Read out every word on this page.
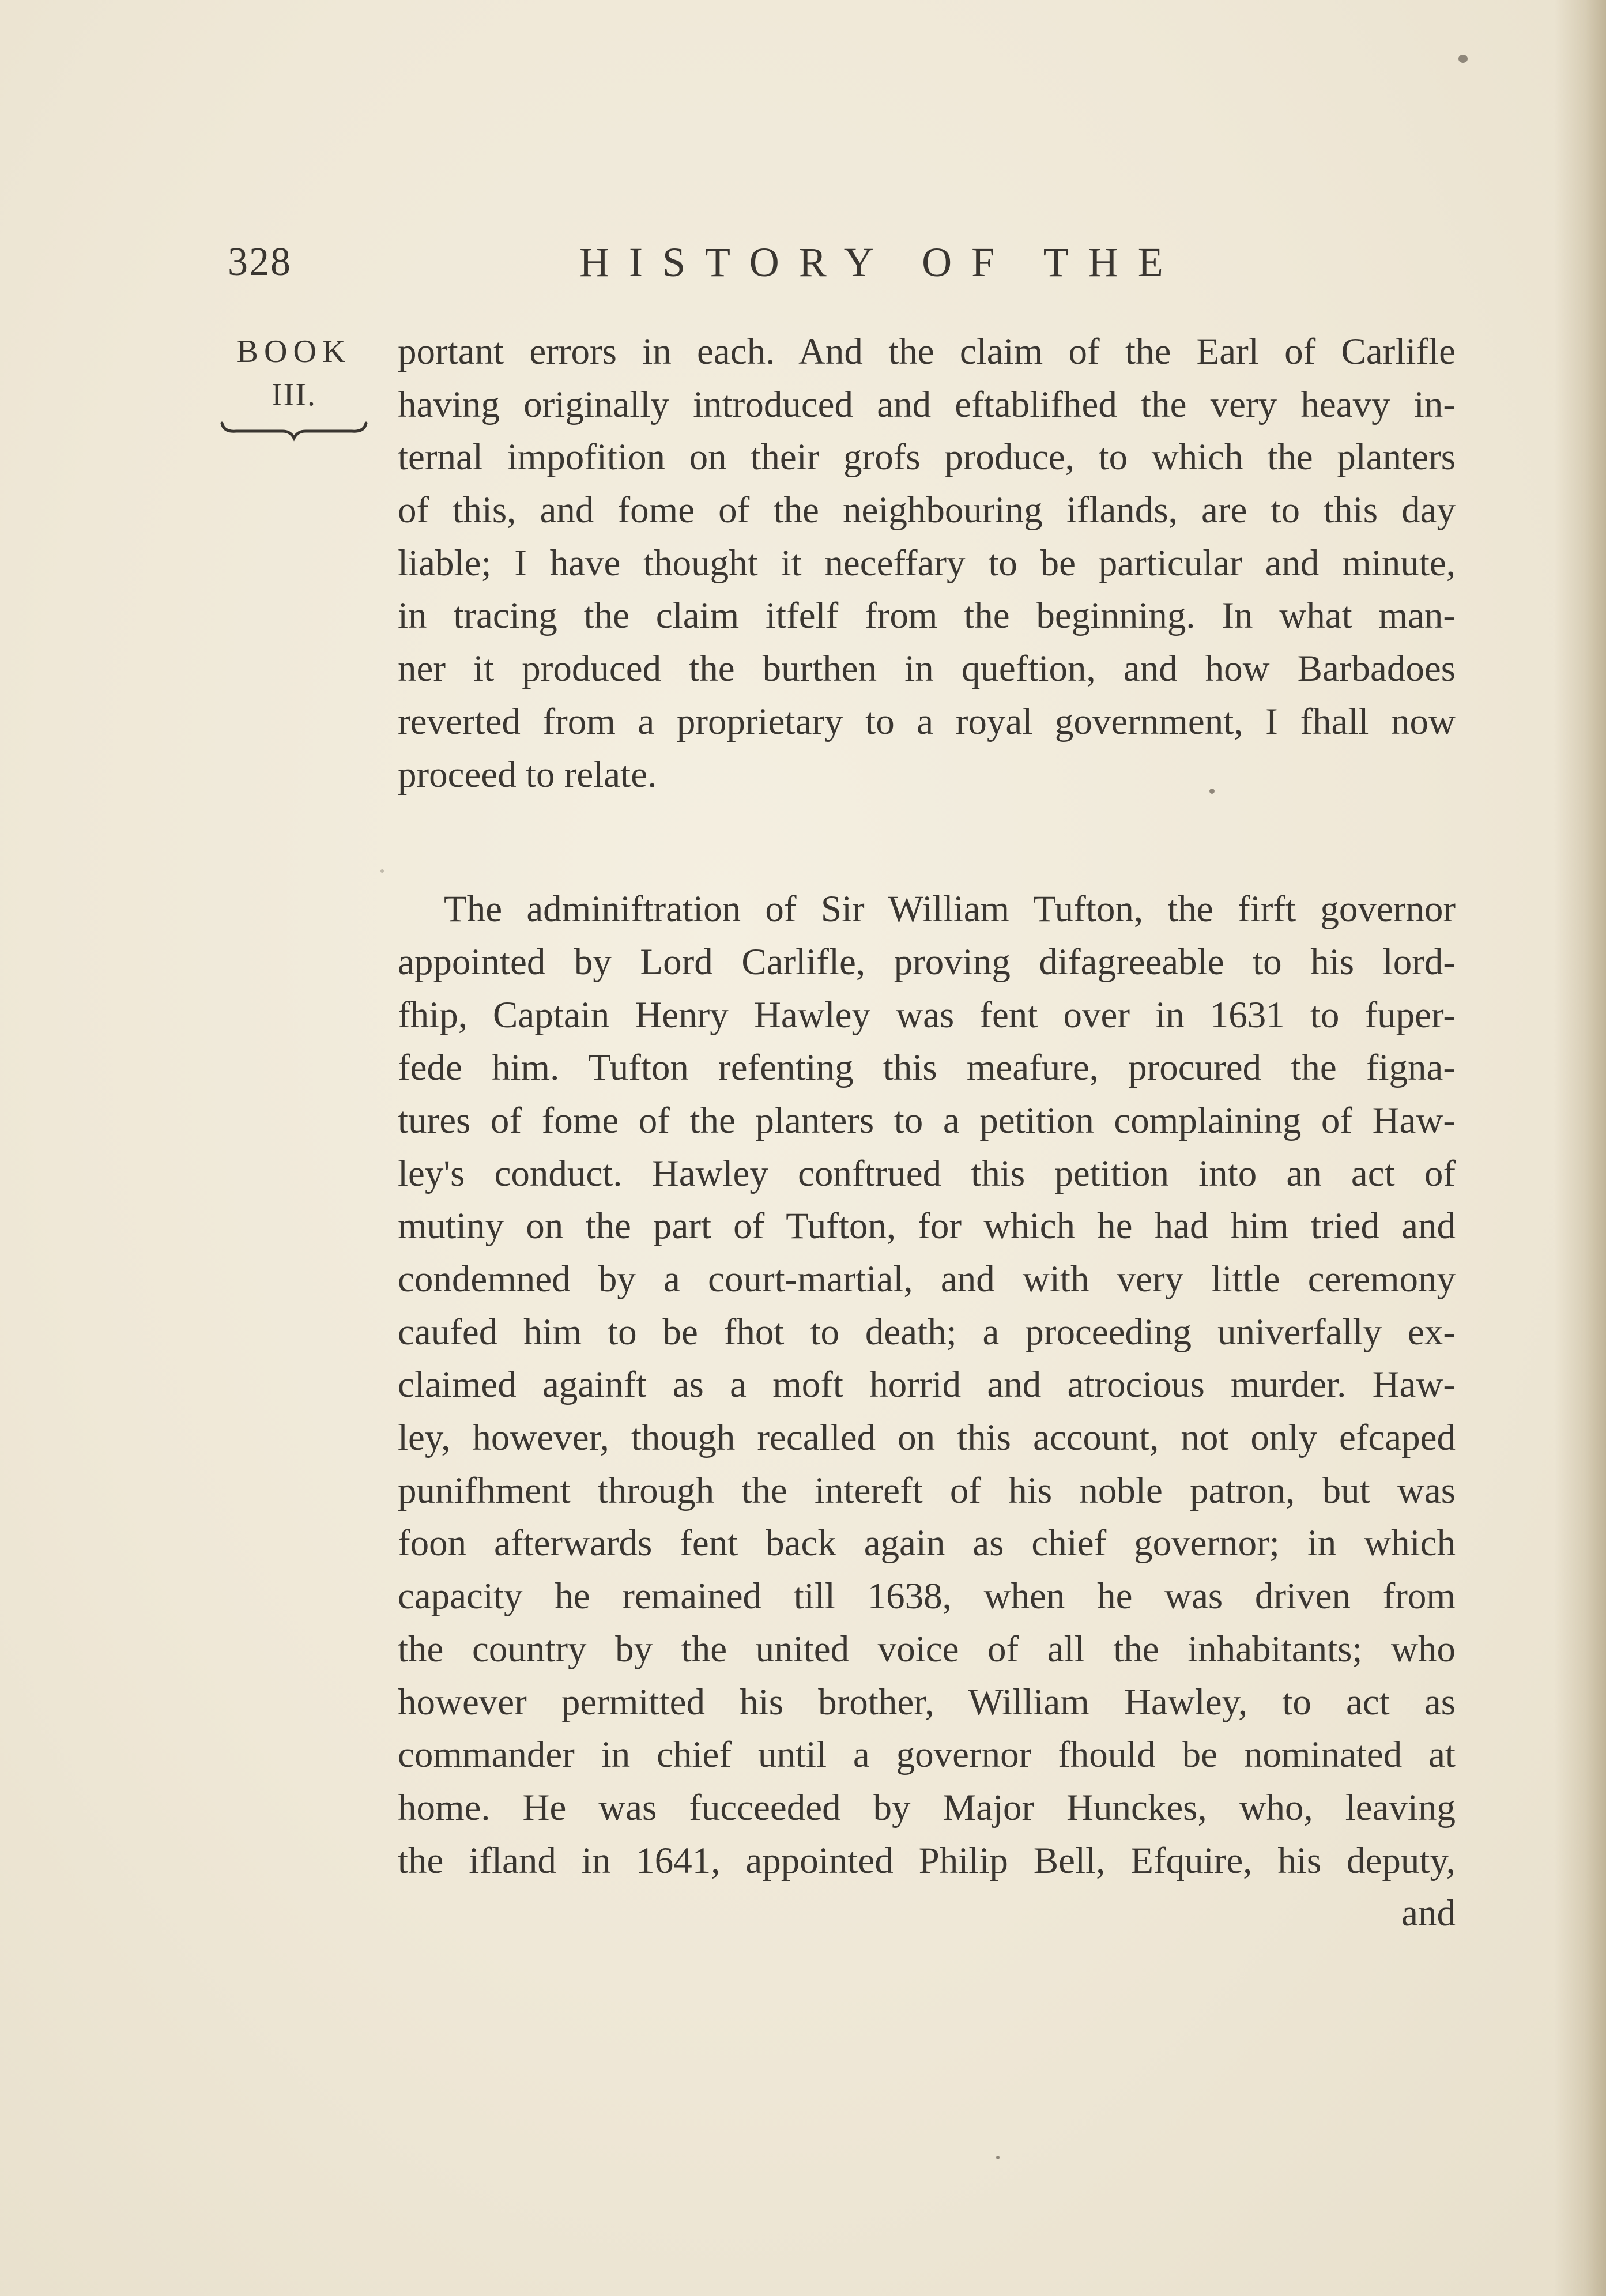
328	HISTORY OF THE
BOOK
III.
portant errors in each. And the claim of the Earl of Carlifle
having originally introduced and eftablifhed the very heavy in-
ternal impofition on their grofs produce, to which the planters
of this, and fome of the neighbouring iflands, are to this day
liable; I have thought it neceffary to be particular and minute,
in tracing the claim itfelf from the beginning. In what man-
ner it produced the burthen in queftion, and how Barbadoes
reverted from a proprietary to a royal government, I fhall now
proceed to relate.
The adminiftration of Sir William Tufton, the firft governor
appointed by Lord Carlifle, proving difagreeable to his lord-
fhip, Captain Henry Hawley was fent over in 1631 to fuper-
fede him. Tufton refenting this meafure, procured the figna-
tures of fome of the planters to a petition complaining of Haw-
ley's conduct. Hawley conftrued this petition into an act of
mutiny on the part of Tufton, for which he had him tried and
condemned by a court-martial, and with very little ceremony
caufed him to be fhot to death; a proceeding univerfally ex-
claimed againft as a moft horrid and atrocious murder. Haw-
ley, however, though recalled on this account, not only efcaped
punifhment through the intereft of his noble patron, but was
foon afterwards fent back again as chief governor; in which
capacity he remained till 1638, when he was driven from
the country by the united voice of all the inhabitants; who
however permitted his brother, William Hawley, to act as
commander in chief until a governor fhould be nominated at
home. He was fucceeded by Major Hunckes, who, leaving
the ifland in 1641, appointed Philip Bell, Efquire, his deputy,
and
